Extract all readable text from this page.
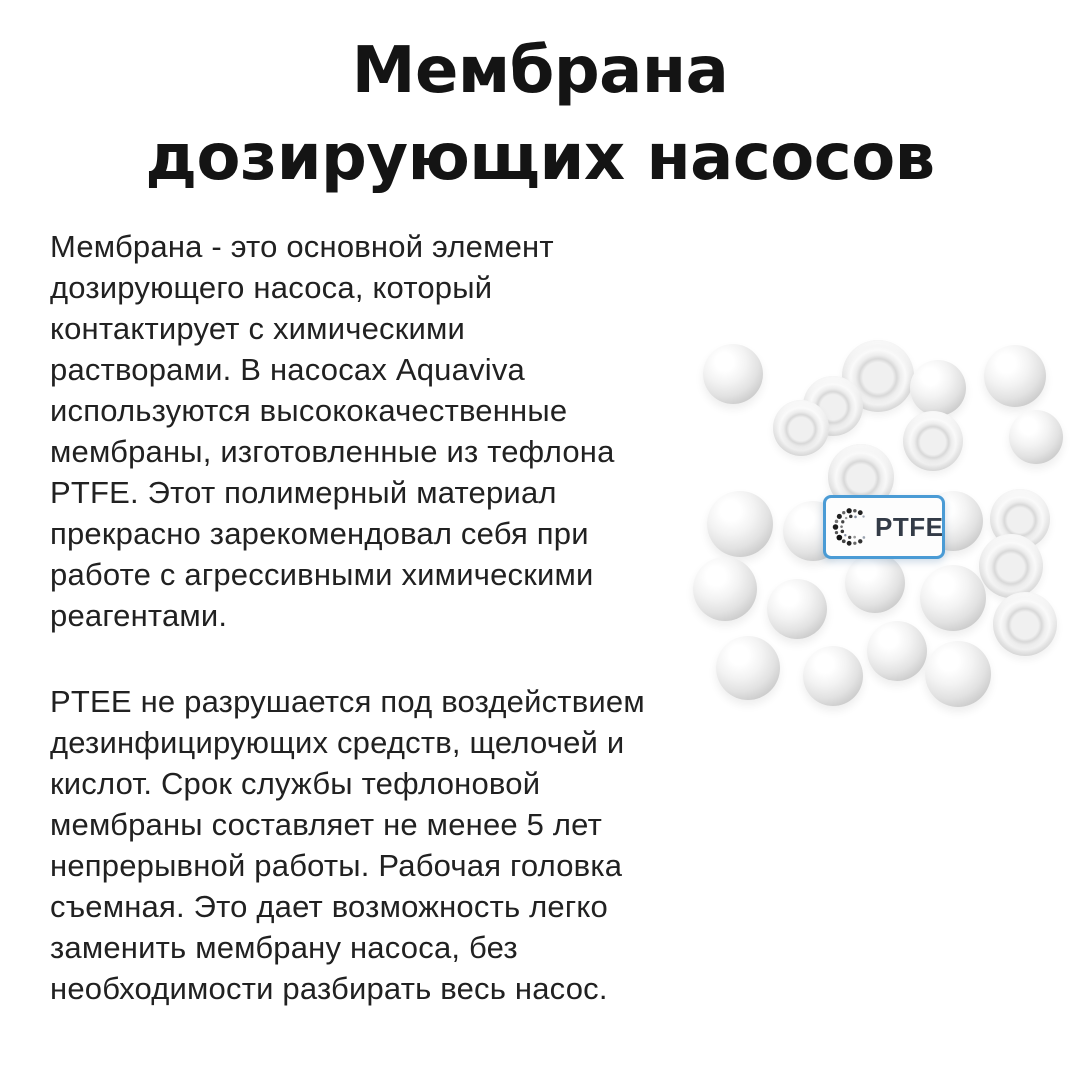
Мембрана
дозирующих насосов
Мембрана - это основной элемент
дозирующего насоса, который
контактирует с химическими
растворами. В насосах Aquaviva
используются высококачественные
мембраны, изготовленные из тефлона
PTFE. Этот полимерный материал
прекрасно зарекомендовал себя при
работе с агрессивными химическими
реагентами.
PTEE не разрушается под воздействием
дезинфицирующих средств, щелочей и
кислот. Срок службы тефлоновой
мембраны составляет не менее 5 лет
непрерывной работы. Рабочая головка
съемная. Это дает возможность легко
заменить мембрану насоса, без
необходимости разбирать весь насос.
PTFE
